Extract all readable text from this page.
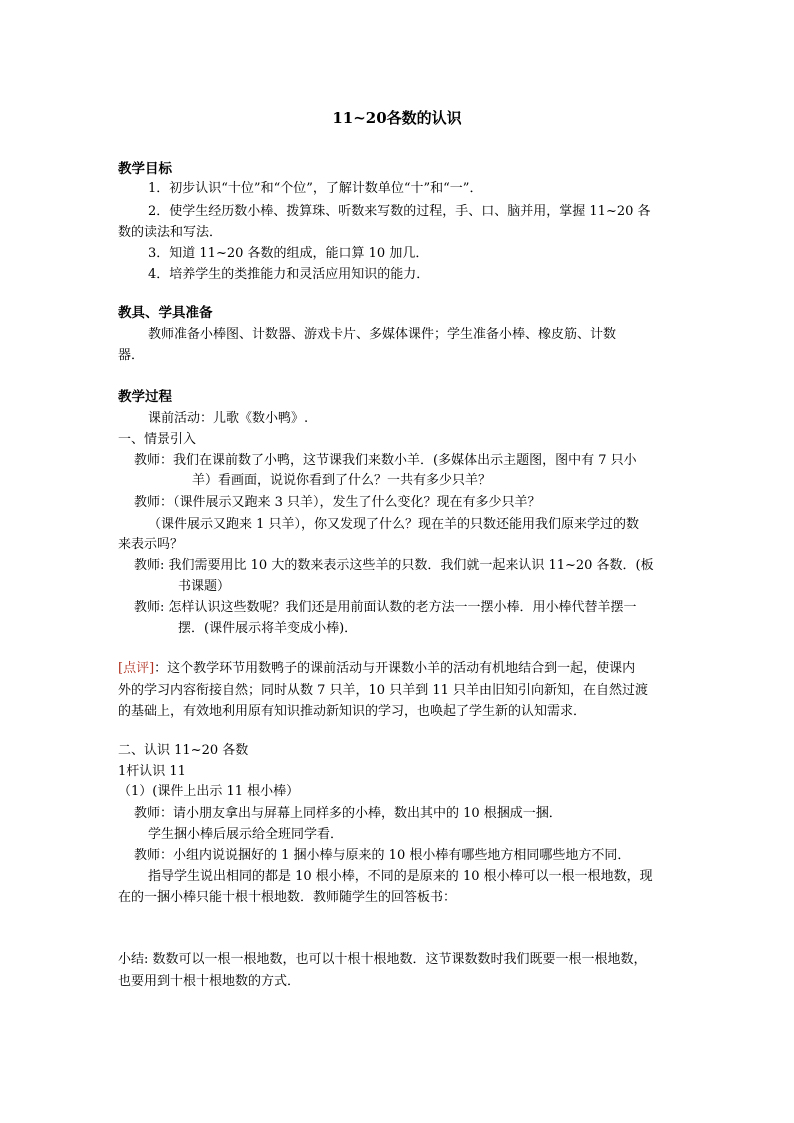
11~20各数的认识
教学目标
1．初步认识“十位”和“个位”，了解计数单位“十”和“一”．
2．使学生经历数小棒、拨算珠、听数来写数的过程，手、口、脑并用，掌握 11~20 各
数的读法和写法．
3．知道 11~20 各数的组成，能口算 10 加几．
4．培养学生的类推能力和灵活应用知识的能力．
教具、学具准备
教师准备小棒图、计数器、游戏卡片、多媒体课件；学生准备小棒、橡皮筋、计数
器．
教学过程
课前活动：儿歌《数小鸭》.
一、情景引入
教师：我们在课前数了小鸭，这节课我们来数小羊．(多媒体出示主题图，图中有 7 只小
羊）看画面，说说你看到了什么？一共有多少只羊？
教师：（课件展示又跑来 3 只羊），发生了什么变化？现在有多少只羊？
（课件展示又跑来 1 只羊），你又发现了什么？现在羊的只数还能用我们原来学过的数
来表示吗？
教师: 我们需要用比 10 大的数来表示这些羊的只数．我们就一起来认识 11~20 各数．(板
书课题）
教师: 怎样认识这些数呢？我们还是用前面认数的老方法一一摆小棒．用小棒代替羊摆一
摆．(课件展示将羊变成小棒)．
[点评]：这个教学环节用数鸭子的课前活动与开课数小羊的活动有机地结合到一起，使课内
外的学习内容衔接自然；同时从数 7 只羊，10 只羊到 11 只羊由旧知引向新知，在自然过渡
的基础上，有效地利用原有知识推动新知识的学习，也唤起了学生新的认知需求．
二、认识 11~20 各数
1杆认识 11
（1）(课件上出示 11 根小棒）
教师：请小朋友拿出与屏幕上同样多的小棒，数出其中的 10 根捆成一捆．
学生捆小棒后展示给全班同学看．
教师：小组内说说捆好的 1 捆小棒与原来的 10 根小棒有哪些地方相同哪些地方不同．
指导学生说出相同的都是 10 根小棒，不同的是原来的 10 根小棒可以一根一根地数，现
在的一捆小棒只能十根十根地数．教师随学生的回答板书：
小结: 数数可以一根一根地数，也可以十根十根地数．这节课数数时我们既要一根一根地数，
也要用到十根十根地数的方式．
